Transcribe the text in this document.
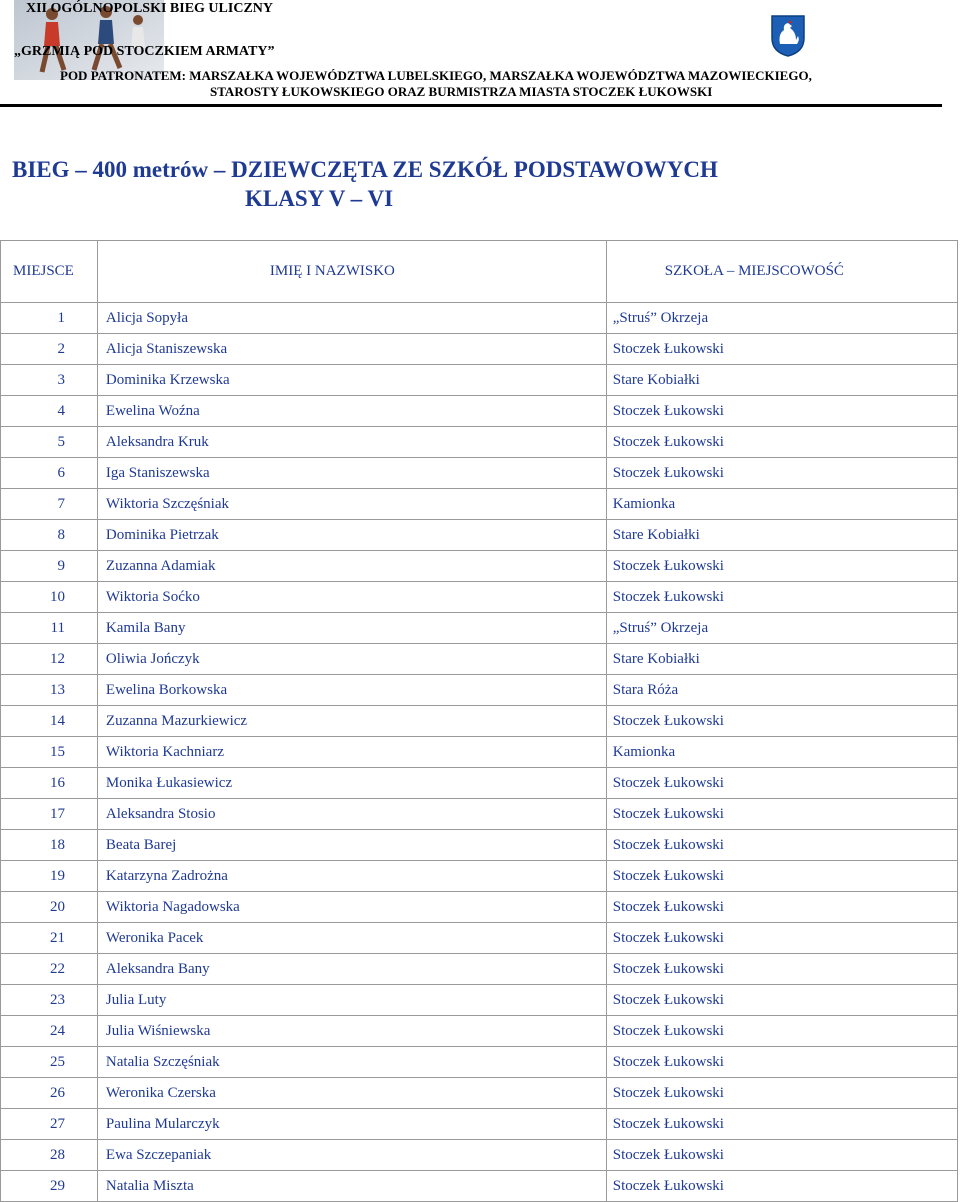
XII OGÓLNOPOLSKI BIEG ULICZNY
„GRZMIĄ POD STOCZKIEM ARMATY”
POD PATRONATEM: MARSZAŁKA WOJEWÓDZTWA LUBELSKIEGO, MARSZAŁKA WOJEWÓDZTWA MAZOWIECKIEGO,
STAROSTY ŁUKOWSKIEGO ORAZ BURMISTRZA MIASTA STOCZEK ŁUKOWSKI
BIEG – 400 metrów – DZIEWCZĘTA ZE SZKÓŁ PODSTAWOWYCH
KLASY V – VI
MIEJSCE	IMIĘ I NAZWISKO	SZKOŁA – MIEJSCOWOŚĆ
1	Alicja Sopyła	„Struś” Okrzeja
2	Alicja Staniszewska	Stoczek Łukowski
3	Dominika Krzewska	Stare Kobiałki
4	Ewelina Woźna	Stoczek Łukowski
5	Aleksandra Kruk	Stoczek Łukowski
6	Iga Staniszewska	Stoczek Łukowski
7	Wiktoria Szczęśniak	Kamionka
8	Dominika Pietrzak	Stare Kobiałki
9	Zuzanna Adamiak	Stoczek Łukowski
10	Wiktoria Soćko	Stoczek Łukowski
11	Kamila Bany	„Struś” Okrzeja
12	Oliwia Jończyk	Stare Kobiałki
13	Ewelina Borkowska	Stara Róża
14	Zuzanna Mazurkiewicz	Stoczek Łukowski
15	Wiktoria Kachniarz	Kamionka
16	Monika Łukasiewicz	Stoczek Łukowski
17	Aleksandra Stosio	Stoczek Łukowski
18	Beata Barej	Stoczek Łukowski
19	Katarzyna Zadrożna	Stoczek Łukowski
20	Wiktoria Nagadowska	Stoczek Łukowski
21	Weronika Pacek	Stoczek Łukowski
22	Aleksandra Bany	Stoczek Łukowski
23	Julia Luty	Stoczek Łukowski
24	Julia Wiśniewska	Stoczek Łukowski
25	Natalia Szczęśniak	Stoczek Łukowski
26	Weronika Czerska	Stoczek Łukowski
27	Paulina Mularczyk	Stoczek Łukowski
28	Ewa Szczepaniak	Stoczek Łukowski
29	Natalia Miszta	Stoczek Łukowski
